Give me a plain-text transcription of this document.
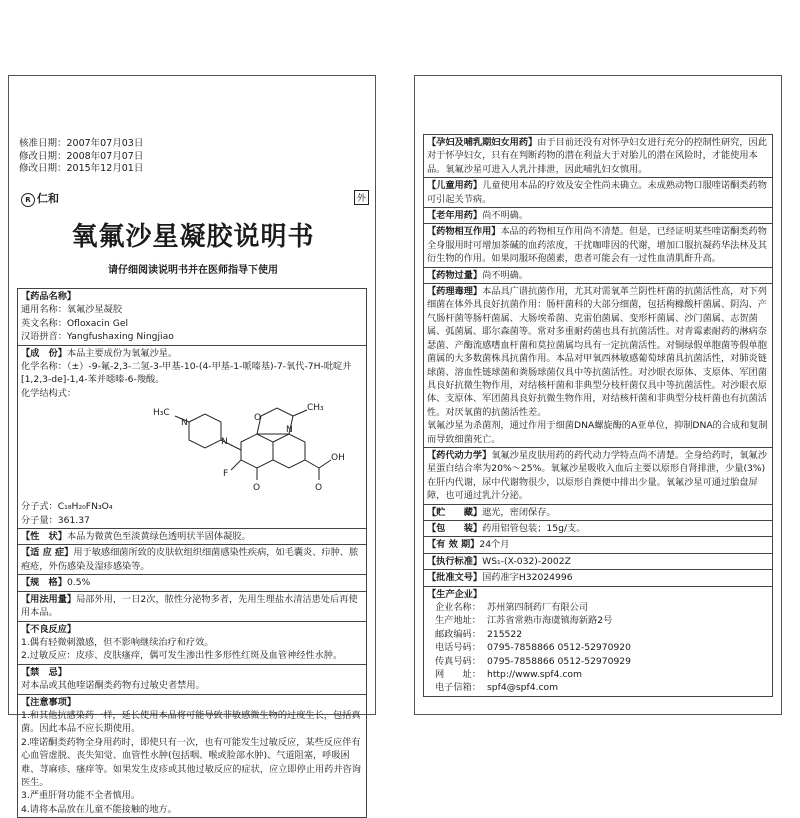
核准日期：2007年07月03日
修改日期：2008年07月07日
修改日期：2015年12月01日
R 仁和	外
氧氟沙星凝胶说明书
请仔细阅读说明书并在医师指导下使用
【药品名称】
通用名称：氧氟沙星凝胶
英文名称：Ofloxacin Gel
汉语拼音：Yangfushaxing Ningjiao
【成　份】本品主要成份为氧氟沙星。
化学名称：（±）-9-氟-2,3-二氢-3-甲基-10-(4-甲基-1-哌嗪基)-7-氧代-7H-吡啶并[1,2,3-de]-1,4-苯并噁嗪-6-羧酸。
化学结构式：
N
H₃C
N
O
CH₃
N
F
O
OH
O
分子式：C₁₈H₂₀FN₃O₄
分子量：361.37
【性　状】本品为微黄色至淡黄绿色透明状半固体凝胶。
【适 应 症】用于敏感细菌所致的皮肤软组织细菌感染性疾病，如毛囊炎、疖肿、脓疱疮，外伤感染及湿疹感染等。
【规　格】0.5%
【用法用量】局部外用，一日2次，脓性分泌物多者，先用生理盐水清洁患处后再使用本品。
【不良反应】
1.偶有轻微刺激感，但不影响继续治疗和疗效。
2.过敏反应：皮疹、皮肤瘙痒，偶可发生渗出性多形性红斑及血管神经性水肿。
【禁　忌】
对本品或其他喹诺酮类药物有过敏史者禁用。
【注意事项】
1.和其他抗感染药一样，延长使用本品将可能导致非敏感微生物的过度生长，包括真菌。因此本品不应长期使用。
2.喹诺酮类药物全身用药时，即使只有一次，也有可能发生过敏反应，某些反应伴有心血管虚脱、丧失知觉、血管性水肿(包括咽、喉或脸部水肿)、气道阻塞，呼吸困难、荨麻疹、瘙痒等。如果发生皮疹或其他过敏反应的症状，应立即停止用药并咨询医生。
3.严重肝肾功能不全者慎用。
4.请将本品放在儿童不能接触的地方。
【孕妇及哺乳期妇女用药】由于目前还没有对怀孕妇女进行充分的控制性研究，因此对于怀孕妇女，只有在判断药物的潜在利益大于对胎儿的潜在风险时，才能使用本品。氧氟沙星可进入人乳汁排泄，因此哺乳妇女慎用。
【儿童用药】儿童使用本品的疗效及安全性尚未确立。未成熟动物口服喹诺酮类药物可引起关节病。
【老年用药】尚不明确。
【药物相互作用】本品的药物相互作用尚不清楚。但是，已经证明某些喹诺酮类药物全身服用时可增加茶碱的血药浓度，干扰咖啡因的代谢，增加口服抗凝药华法林及其衍生物的作用。如果同服环孢菌素，患者可能会有一过性血清肌酐升高。
【药物过量】尚不明确。
【药理毒理】本品具广谱抗菌作用，尤其对需氧革兰阴性杆菌的抗菌活性高，对下列细菌在体外具良好抗菌作用：肠杆菌科的大部分细菌，包括枸橼酸杆菌属、阴沟、产气肠杆菌等肠杆菌属、大肠埃希菌、克雷伯菌属、变形杆菌属、沙门菌属、志贺菌属、弧菌属、耶尔森菌等。常对多重耐药菌也具有抗菌活性。对青霉素耐药的淋病奈瑟菌、产酶流感嗜血杆菌和莫拉菌属均具有一定抗菌活性。对铜绿假单胞菌等假单胞菌属的大多数菌株具抗菌作用。本品对甲氧西林敏感葡萄球菌具抗菌活性，对肺炎链球菌、溶血性链球菌和粪肠球菌仅具中等抗菌活性。对沙眼衣原体、支原体、军团菌具良好抗微生物作用，对结核杆菌和非典型分枝杆菌仅具中等抗菌活性。对沙眼衣原体、支原体、军团菌具良好抗微生物作用，对结核杆菌和非典型分枝杆菌也有抗菌活性。对厌氧菌的抗菌活性差。
氧氟沙星为杀菌剂，通过作用于细菌DNA螺旋酶的A亚单位，抑制DNA的合成和复制而导致细菌死亡。
【药代动力学】氧氟沙星皮肤用药的药代动力学特点尚不清楚。全身给药时，氧氟沙星蛋白结合率为20%～25%。氧氟沙星吸收入血后主要以原形自肾排泄，少量(3%)在肝内代谢，尿中代谢物很少，以原形自粪便中排出少量。氧氟沙星可通过胎盘屏障，也可通过乳汁分泌。
【贮　　藏】遮光，密闭保存。
【包　　装】药用铝管包装；15g/支。
【有 效 期】24个月
【执行标准】WS₁-(X-032)-2002Z
【批准文号】国药准字H32024996
【生产企业】
企业名称： 苏州第四制药厂有限公司
生产地址： 江苏省常熟市海虞镇海新路2号
邮政编码： 215522
电话号码： 0795-7858866 0512-52970920
传真号码： 0795-7858866 0512-52970929
网　　址： http://www.spf4.com
电子信箱： spf4@spf4.com
